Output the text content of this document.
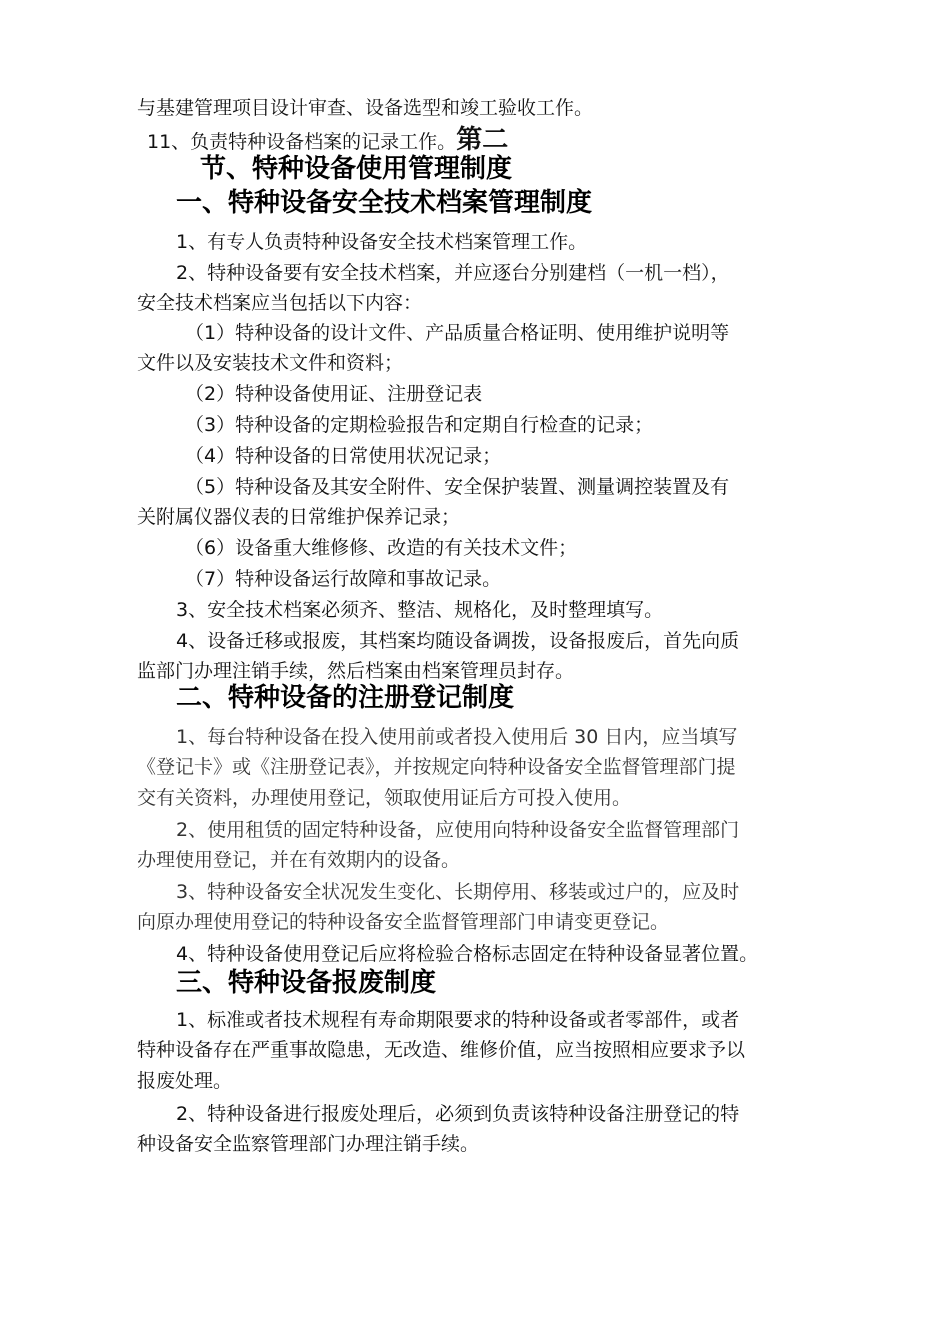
与基建管理项目设计审查、设备选型和竣工验收工作。
11、负责特种设备档案的记录工作。第二
节、特种设备使用管理制度
一、特种设备安全技术档案管理制度
1、有专人负责特种设备安全技术档案管理工作。
2、特种设备要有安全技术档案，并应逐台分别建档（一机一档），
安全技术档案应当包括以下内容：
（1）特种设备的设计文件、产品质量合格证明、使用维护说明等
文件以及安装技术文件和资料；
（2）特种设备使用证、注册登记表
（3）特种设备的定期检验报告和定期自行检查的记录；
（4）特种设备的日常使用状况记录；
（5）特种设备及其安全附件、安全保护装置、测量调控装置及有
关附属仪器仪表的日常维护保养记录；
（6）设备重大维修修、改造的有关技术文件；
（7）特种设备运行故障和事故记录。
3、安全技术档案必须齐、整洁、规格化，及时整理填写。
4、设备迁移或报废，其档案均随设备调拨，设备报废后，首先向质
监部门办理注销手续，然后档案由档案管理员封存。
二、特种设备的注册登记制度
1、每台特种设备在投入使用前或者投入使用后 30 日内，应当填写
《登记卡》或《注册登记表》，并按规定向特种设备安全监督管理部门提
交有关资料，办理使用登记，领取使用证后方可投入使用。
2、使用租赁的固定特种设备，应使用向特种设备安全监督管理部门
办理使用登记，并在有效期内的设备。
3、特种设备安全状况发生变化、长期停用、移装或过户的，应及时
向原办理使用登记的特种设备安全监督管理部门申请变更登记。
4、特种设备使用登记后应将检验合格标志固定在特种设备显著位置。
三、特种设备报废制度
1、标准或者技术规程有寿命期限要求的特种设备或者零部件，或者
特种设备存在严重事故隐患，无改造、维修价值，应当按照相应要求予以
报废处理。
2、特种设备进行报废处理后，必须到负责该特种设备注册登记的特
种设备安全监察管理部门办理注销手续。
